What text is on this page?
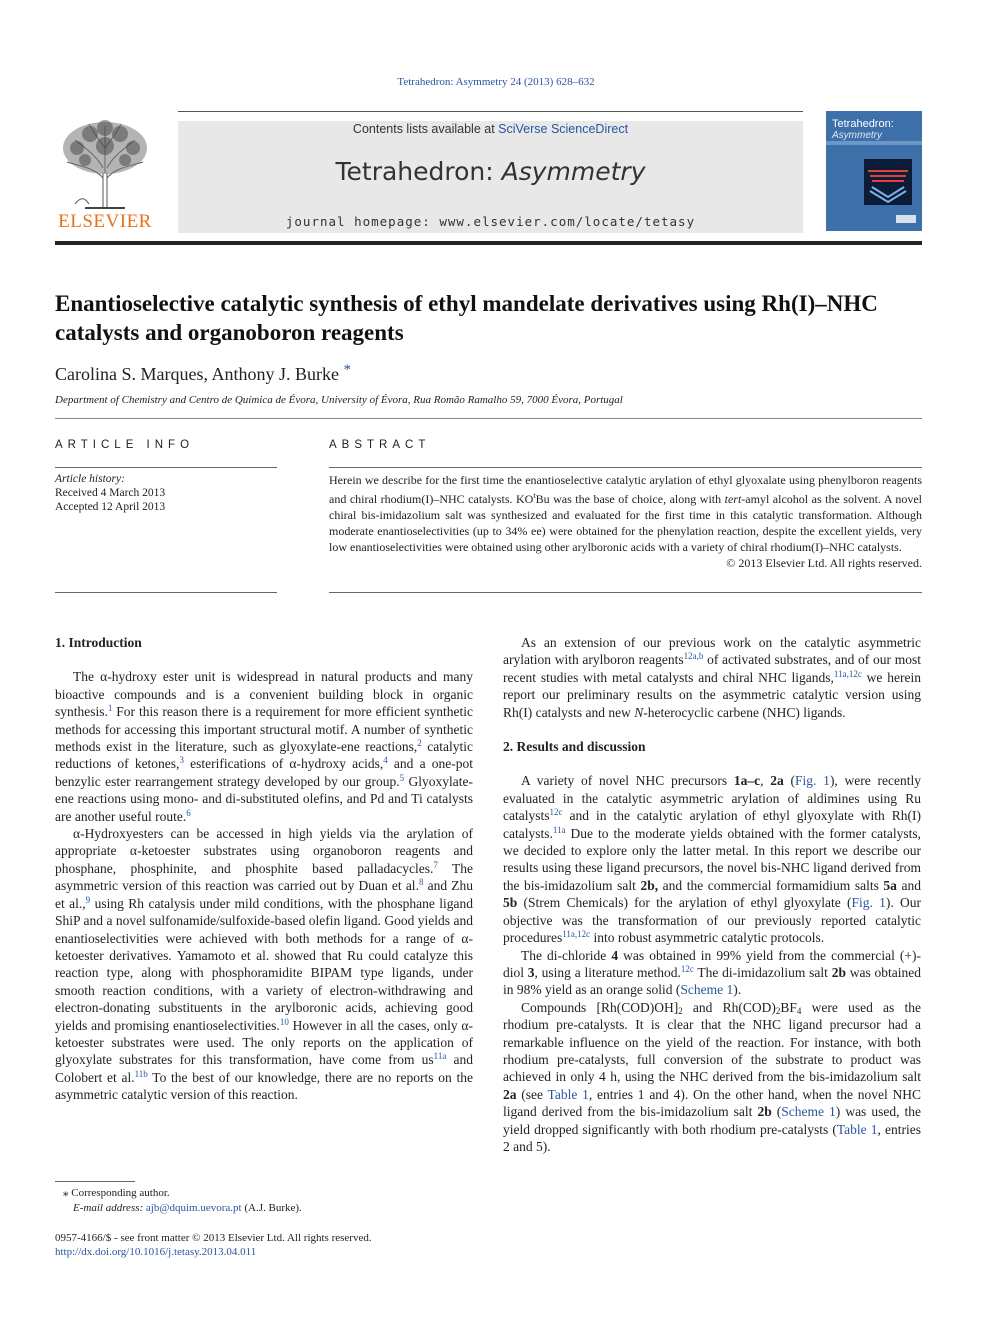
Tetrahedron: Asymmetry 24 (2013) 628–632
ELSEVIER
Contents lists available at SciVerse ScienceDirect
Tetrahedron: Asymmetry
journal homepage: www.elsevier.com/locate/tetasy
Tetrahedron:
Asymmetry
Enantioselective catalytic synthesis of ethyl mandelate derivatives using Rh(I)–NHC catalysts and organoboron reagents
Carolina S. Marques, Anthony J. Burke *
Department of Chemistry and Centro de Química de Évora, University of Évora, Rua Romão Ramalho 59, 7000 Évora, Portugal
ARTICLE INFO	ABSTRACT
Article history:
Received 4 March 2013
Accepted 12 April 2013
Herein we describe for the first time the enantioselective catalytic arylation of ethyl glyoxalate using phenylboron reagents and chiral rhodium(I)–NHC catalysts. $KO^tBu$ was the base of choice, along with tert-amyl alcohol as the solvent. A novel chiral bis-imidazolium salt was synthesized and evaluated for the first time in this catalytic transformation. Although moderate enantioselectivities (up to 34% ee) were obtained for the phenylation reaction, despite the excellent yields, very low enantioselectivities were obtained using other arylboronic acids with a variety of chiral rhodium(I)–NHC catalysts.
© 2013 Elsevier Ltd. All rights reserved.
1. Introduction

The α-hydroxy ester unit is widespread in natural products and many bioactive compounds and is a convenient building block in organic synthesis.$^1$ For this reason there is a requirement for more efficient synthetic methods for accessing this important structural motif. A number of synthetic methods exist in the literature, such as glyoxylate-ene reactions,$^2$ catalytic reductions of ketones,$^3$ esterifications of α-hydroxy acids,$^4$ and a one-pot benzylic ester rearrangement strategy developed by our group.$^5$ Glyoxylate-ene reactions using mono- and di-substituted olefins, and Pd and Ti catalysts are another useful route.$^6$

α-Hydroxyesters can be accessed in high yields via the arylation of appropriate α-ketoester substrates using organoboron reagents and phosphane, phosphinite, and phosphite based palladacycles.$^7$ The asymmetric version of this reaction was carried out by Duan et al.$^8$ and Zhu et al.,$^9$ using Rh catalysis under mild conditions, with the phosphane ligand ShiP and a novel sulfonamide/sulfoxide-based olefin ligand. Good yields and enantioselectivities were achieved with both methods for a range of α-ketoester derivatives. Yamamoto et al. showed that Ru could catalyze this reaction type, along with phosphoramidite BIPAM type ligands, under smooth reaction conditions, with a variety of electron-withdrawing and electron-donating substituents in the arylboronic acids, achieving good yields and promising enantioselectivities.$^{10}$ However in all the cases, only α-ketoester substrates were used. The only reports on the application of glyoxylate substrates for this transformation, have come from $us^{11a}$ and Colobert et al.$^{11b}$ To the best of our knowledge, there are no reports on the asymmetric catalytic version of this reaction.

As an extension of our previous work on the catalytic asymmetric arylation with arylboron reagents$^{12a,b}$ of activated substrates, and of our most recent studies with metal catalysts and chiral NHC ligands,$^{11a,12c}$ we herein report our preliminary results on the asymmetric catalytic version using Rh(I) catalysts and new N-heterocyclic carbene (NHC) ligands.

2. Results and discussion

A variety of novel NHC precursors 1a–c, 2a (Fig. 1), were recently evaluated in the catalytic asymmetric arylation of aldimines using Ru catalysts$^{12c}$ and in the catalytic arylation of ethyl glyoxylate with Rh(I) catalysts.$^{11a}$ Due to the moderate yields obtained with the former catalysts, we decided to explore only the latter metal. In this report we describe our results using these ligand precursors, the novel bis-NHC ligand derived from the bis-imidazolium salt 2b, and the commercial formamidium salts 5a and 5b (Strem Chemicals) for the arylation of ethyl glyoxylate (Fig. 1). Our objective was the transformation of our previously reported catalytic procedures$^{11a,12c}$ into robust asymmetric catalytic protocols.

The di-chloride 4 was obtained in 99% yield from the commercial (+)-diol 3, using a literature method.$^{12c}$ The di-imidazolium salt 2b was obtained in 98% yield as an orange solid (Scheme 1).

Compounds $[Rh(COD)OH]_2$ and $Rh(COD)_2BF_4$ were used as the rhodium pre-catalysts. It is clear that the NHC ligand precursor had a remarkable influence on the yield of the reaction. For instance, with both rhodium pre-catalysts, full conversion of the substrate to product was achieved in only 4 h, using the NHC derived from the bis-imidazolium salt 2a (see Table 1, entries 1 and 4). On the other hand, when the novel NHC ligand derived from the bis-imidazolium salt 2b (Scheme 1) was used, the yield dropped significantly with both rhodium pre-catalysts (Table 1, entries 2 and 5).

⁎ Corresponding author.
E-mail address: ajb@dquim.uevora.pt (A.J. Burke).
0957-4166/$ - see front matter © 2013 Elsevier Ltd. All rights reserved.
http://dx.doi.org/10.1016/j.tetasy.2013.04.011
